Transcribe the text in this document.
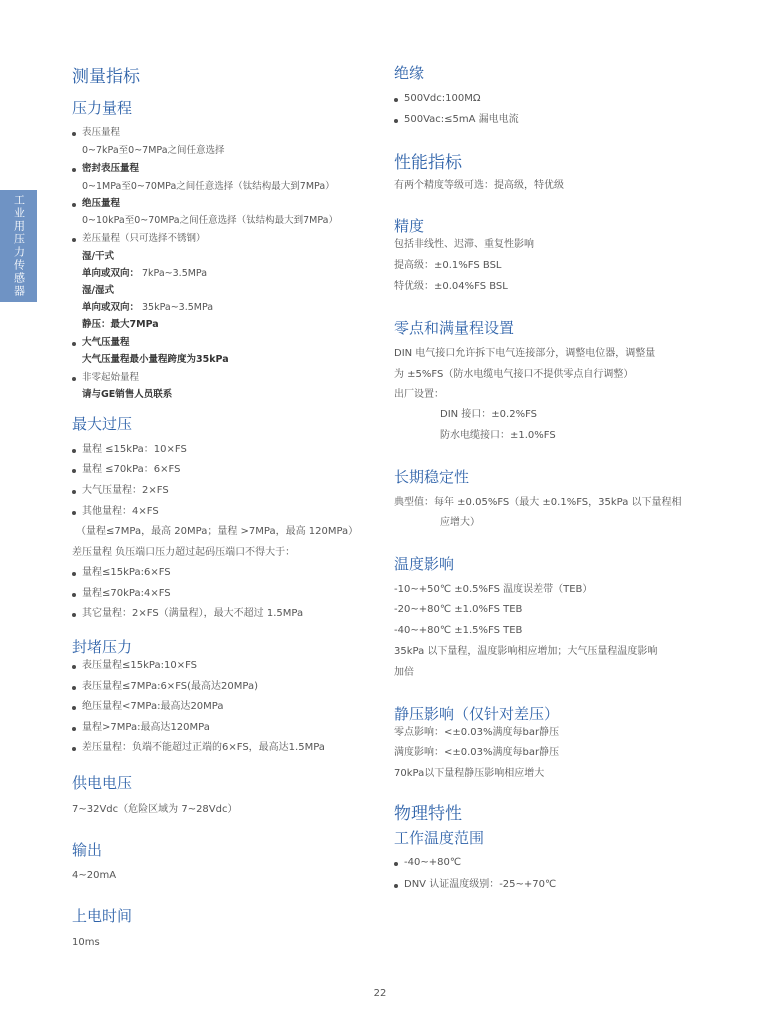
工业用压力传感器
测量指标
压力量程
表压量程
0~7kPa至0~7MPa之间任意选择
密封表压量程
0~1MPa至0~70MPa之间任意选择（钛结构最大到7MPa）
绝压量程
0~10kPa至0~70MPa之间任意选择（钛结构最大到7MPa）
差压量程（只可选择不锈钢）
湿/干式
单向或双向： 7kPa~3.5MPa
湿/湿式
单向或双向： 35kPa~3.5MPa
静压：最大7MPa
大气压量程
大气压量程最小量程跨度为35kPa
非零起始量程
请与GE销售人员联系
最大过压
量程 ≤15kPa：10×FS
量程 ≤70kPa：6×FS
大气压量程：2×FS
其他量程：4×FS
（量程≤7MPa，最高 20MPa；量程 >7MPa，最高 120MPa）
差压量程 负压端口压力超过起码压端口不得大于：
量程≤15kPa:6×FS
量程≤70kPa:4×FS
其它量程：2×FS（满量程），最大不超过 1.5MPa
封堵压力
表压量程≤15kPa:10×FS
表压量程≤7MPa:6×FS(最高达20MPa)
绝压量程<7MPa:最高达20MPa
量程>7MPa:最高达120MPa
差压量程：负端不能超过正端的6×FS，最高达1.5MPa
供电电压
7~32Vdc（危险区域为 7~28Vdc）
输出
4~20mA
上电时间
10ms
绝缘
500Vdc:100MΩ
500Vac:≤5mA 漏电电流
性能指标
有两个精度等级可选：提高级，特优级
精度
包括非线性、迟滞、重复性影响
提高级：±0.1%FS BSL
特优级：±0.04%FS BSL
零点和满量程设置
DIN 电气接口允许拆下电气连接部分，调整电位器，调整量
为 ±5%FS（防水电缆电气接口不提供零点自行调整）
出厂设置：
DIN 接口：±0.2%FS
防水电缆接口：±1.0%FS
长期稳定性
典型值：每年 ±0.05%FS（最大 ±0.1%FS，35kPa 以下量程相
应增大）
温度影响
-10~+50℃ ±0.5%FS 温度误差带（TEB）
-20~+80℃ ±1.0%FS TEB
-40~+80℃ ±1.5%FS TEB
35kPa 以下量程，温度影响相应增加；大气压量程温度影响
加倍
静压影响（仅针对差压）
零点影响：<±0.03%满度每bar静压
满度影响：<±0.03%满度每bar静压
70kPa以下量程静压影响相应增大
物理特性
工作温度范围
-40~+80℃
DNV 认证温度级别：-25~+70℃
22
